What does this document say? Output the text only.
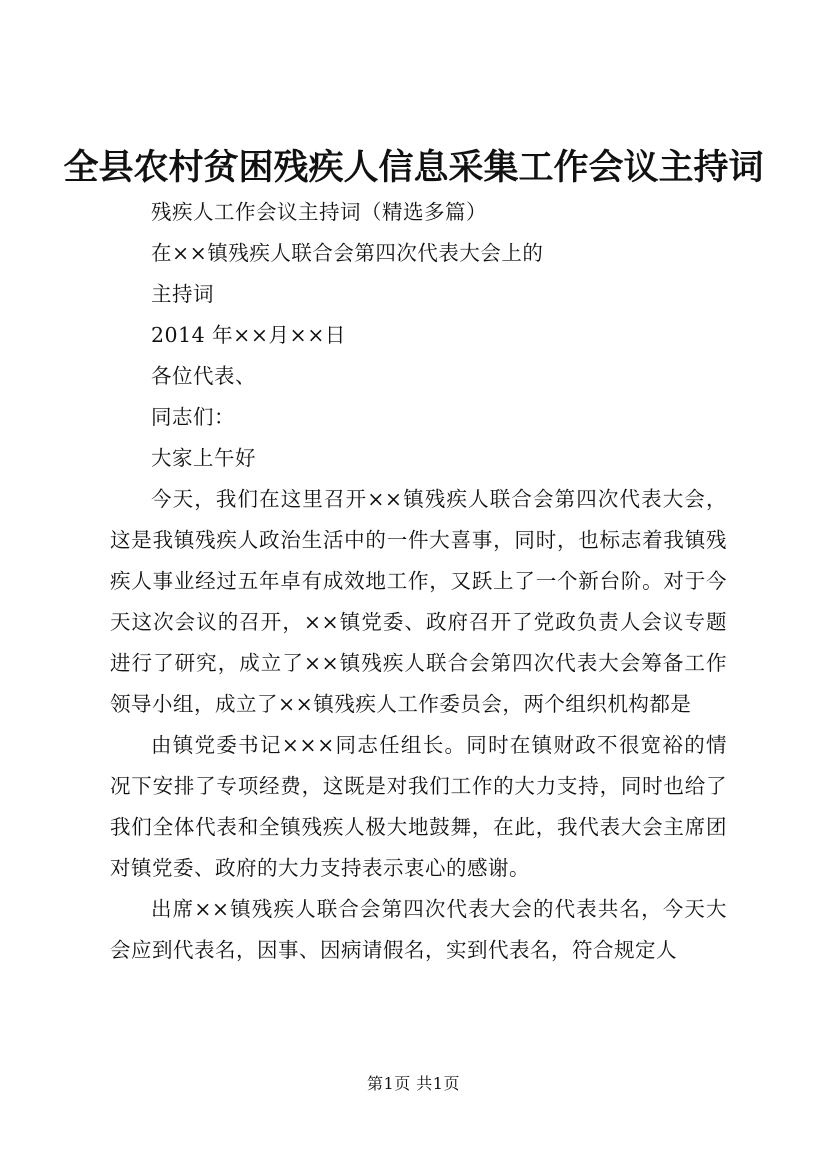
全县农村贫困残疾人信息采集工作会议主持词

残疾人工作会议主持词（精选多篇）

在××镇残疾人联合会第四次代表大会上的

主持词

2014 年××月××日

各位代表、

同志们：

大家上午好

今天，我们在这里召开××镇残疾人联合会第四次代表大会，这是我镇残疾人政治生活中的一件大喜事，同时，也标志着我镇残疾人事业经过五年卓有成效地工作，又跃上了一个新台阶。对于今天这次会议的召开，××镇党委、政府召开了党政负责人会议专题进行了研究，成立了××镇残疾人联合会第四次代表大会筹备工作领导小组，成立了××镇残疾人工作委员会，两个组织机构都是

由镇党委书记×××同志任组长。同时在镇财政不很宽裕的情况下安排了专项经费，这既是对我们工作的大力支持，同时也给了我们全体代表和全镇残疾人极大地鼓舞，在此，我代表大会主席团对镇党委、政府的大力支持表示衷心的感谢。

出席××镇残疾人联合会第四次代表大会的代表共名，今天大会应到代表名，因事、因病请假名，实到代表名，符合规定人

第1页 共1页
